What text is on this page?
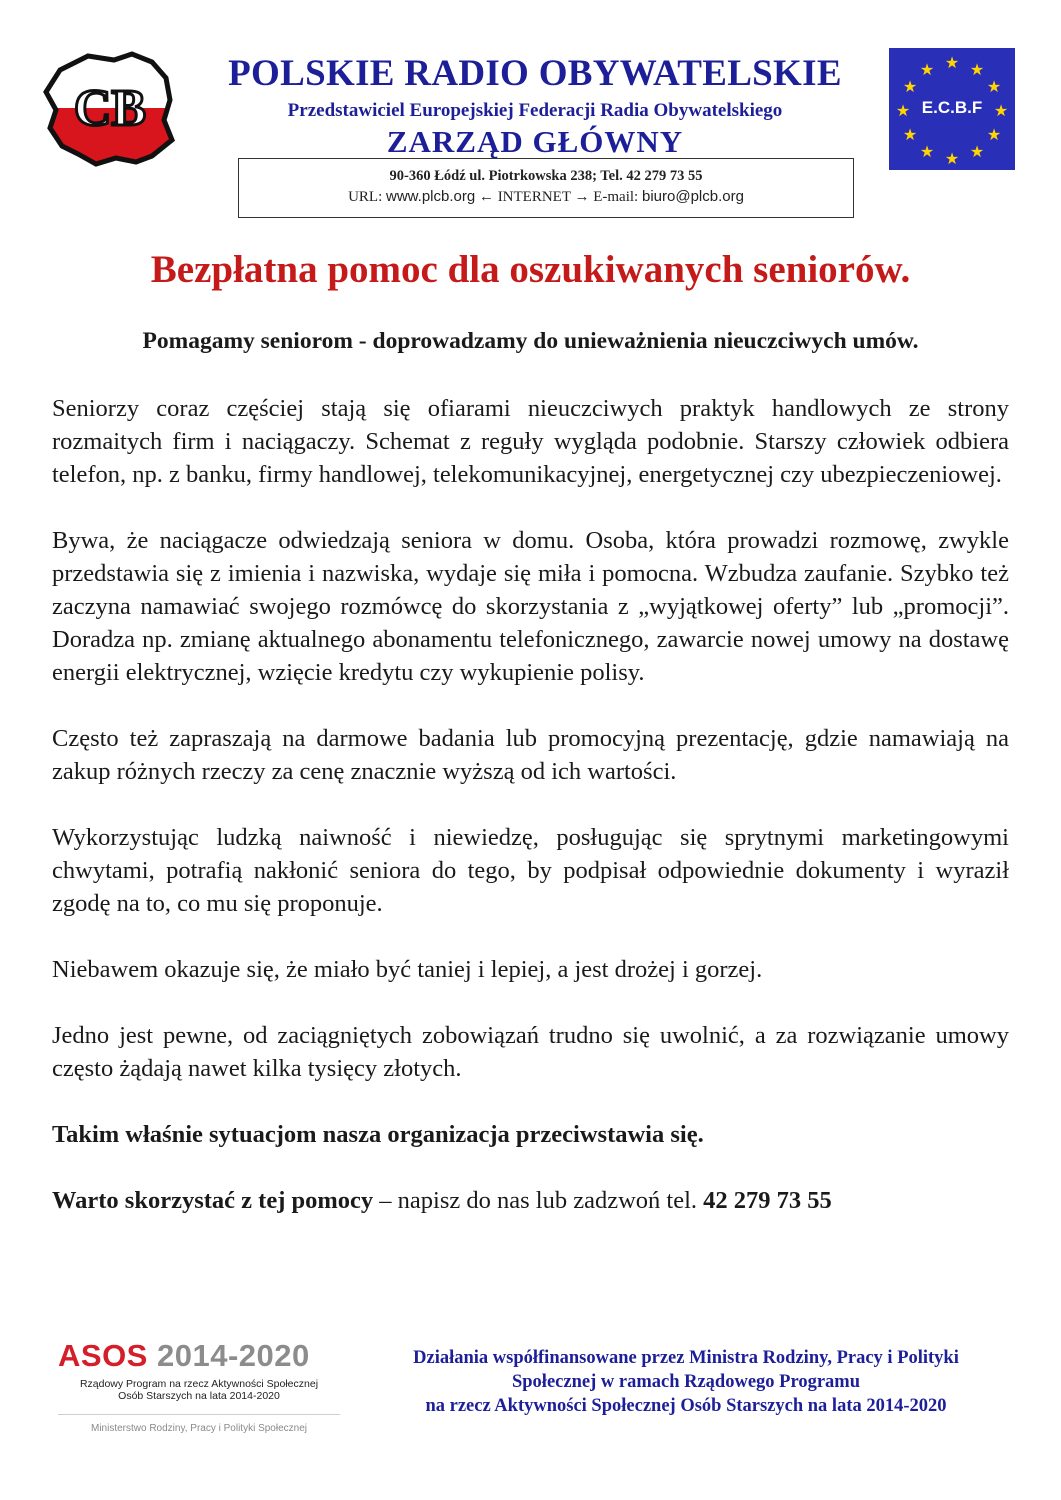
CB
POLSKIE RADIO OBYWATELSKIE
Przedstawiciel Europejskiej Federacji Radia Obywatelskiego
ZARZĄD GŁÓWNY
90-360 Łódź ul. Piotrkowska 238; Tel. 42 279 73 55
URL: www.plcb.org ← INTERNET → E-mail: biuro@plcb.org
★ ★
★
★
★
★
★
★
★
★
★
★
E.C.B.F
Bezpłatna pomoc dla oszukiwanych seniorów.
Pomagamy seniorom - doprowadzamy do unieważnienia nieuczciwych umów.

Seniorzy coraz częściej stają się ofiarami nieuczciwych praktyk handlowych ze strony rozmaitych firm i naciągaczy. Schemat z reguły wygląda podobnie. Starszy człowiek odbiera telefon, np. z banku, firmy handlowej, telekomunikacyjnej, energetycznej czy ubezpieczeniowej.

Bywa, że naciągacze odwiedzają seniora w domu. Osoba, która prowadzi rozmowę, zwykle przedstawia się z imienia i nazwiska, wydaje się miła i pomocna. Wzbudza zaufanie. Szybko też zaczyna namawiać swojego rozmówcę do skorzystania z „wyjątkowej oferty” lub „promocji”. Doradza np. zmianę aktualnego abonamentu telefonicznego, zawarcie nowej umowy na dostawę energii elektrycznej, wzięcie kredytu czy wykupienie polisy.

Często też zapraszają na darmowe badania lub promocyjną prezentację, gdzie namawiają na zakup różnych rzeczy za cenę znacznie wyższą od ich wartości.

Wykorzystując ludzką naiwność i niewiedzę, posługując się sprytnymi marketingowymi chwytami, potrafią nakłonić seniora do tego, by podpisał odpowiednie dokumenty i wyraził zgodę na to, co mu się proponuje.

Niebawem okazuje się, że miało być taniej i lepiej, a jest drożej i gorzej.

Jedno jest pewne, od zaciągniętych zobowiązań trudno się uwolnić, a za rozwiązanie umowy często żądają nawet kilka tysięcy złotych.

Takim właśnie sytuacjom nasza organizacja przeciwstawia się.

Warto skorzystać z tej pomocy – napisz do nas lub zadzwoń tel. 42 279 73 55

ASOS 2014-2020
Rządowy Program na rzecz Aktywności Społecznej
Osób Starszych na lata 2014-2020
Ministerstwo Rodziny, Pracy i Polityki Społecznej
Działania współfinansowane przez Ministra Rodziny, Pracy i Polityki
Społecznej w ramach Rządowego Programu
na rzecz Aktywności Społecznej Osób Starszych na lata 2014-2020
